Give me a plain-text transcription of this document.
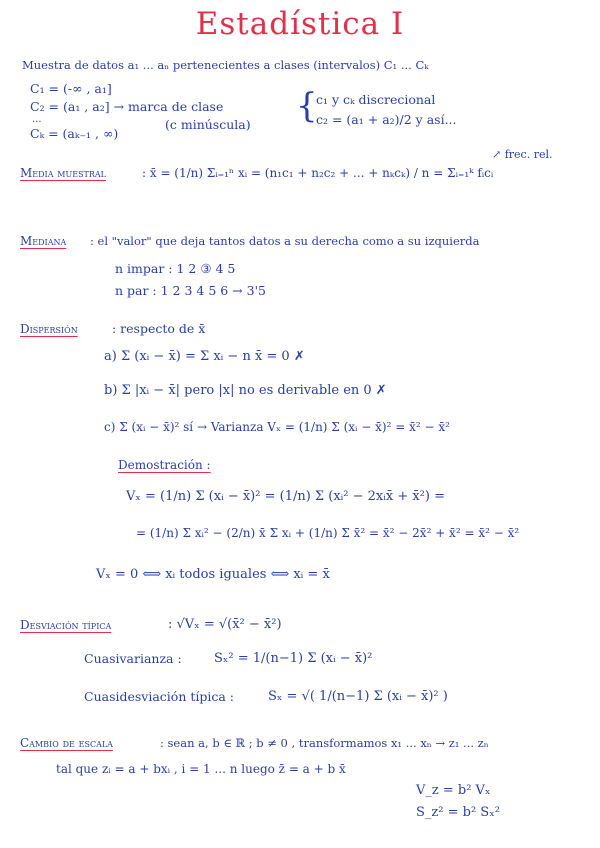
Estadística I
Muestra de datos a₁ ... aₙ pertenecientes a clases (intervalos) C₁ ... Cₖ
C₁ = (-∞ , a₁]
C₂ = (a₁ , a₂] → marca de clase
(c minúscula)
...
Cₖ = (aₖ₋₁ , ∞)
{
c₁ y cₖ discrecional
c₂ = (a₁ + a₂)/2 y así...
Media muestral	: x̄ = (1/n) Σᵢ₌₁ⁿ xᵢ = (n₁c₁ + n₂c₂ + ... + nₖcₖ) / n = Σᵢ₌₁ᵏ fᵢcᵢ
↗ frec. rel.
Mediana : el "valor" que deja tantos datos a su derecha como a su izquierda
n impar : 1 2 ③ 4 5
n par : 1 2 3 4 5 6 → 3'5
Dispersión	: respecto de x̄
a) Σ (xᵢ − x̄) = Σ xᵢ − n x̄ = 0 ✗
b) Σ |xᵢ − x̄| pero |x| no es derivable en 0 ✗
c) Σ (xᵢ − x̄)² sí → Varianza Vₓ = (1/n) Σ (xᵢ − x̄)² = x̄² − x̄²
Demostración :
Vₓ = (1/n) Σ (xᵢ − x̄)² = (1/n) Σ (xᵢ² − 2xᵢx̄ + x̄²) =
= (1/n) Σ xᵢ² − (2/n) x̄ Σ xᵢ + (1/n) Σ x̄² = x̄² − 2x̄² + x̄² = x̄² − x̄²
Vₓ = 0 ⟺ xᵢ todos iguales ⟺ xᵢ = x̄
Desviación típica	: √Vₓ = √(x̄² − x̄²)
Cuasivarianza : Sₓ² = 1/(n−1) Σ (xᵢ − x̄)²
Cuasidesviación típica :	Sₓ = √( 1/(n−1) Σ (xᵢ − x̄)² )
Cambio de escala	: sean a, b ∈ ℝ ; b ≠ 0 , transformamos x₁ ... xₙ → z₁ ... zₙ
tal que zᵢ = a + bxᵢ , i = 1 ... n luego z̄ = a + b x̄
V_z = b² Vₓ
S_z² = b² Sₓ²
